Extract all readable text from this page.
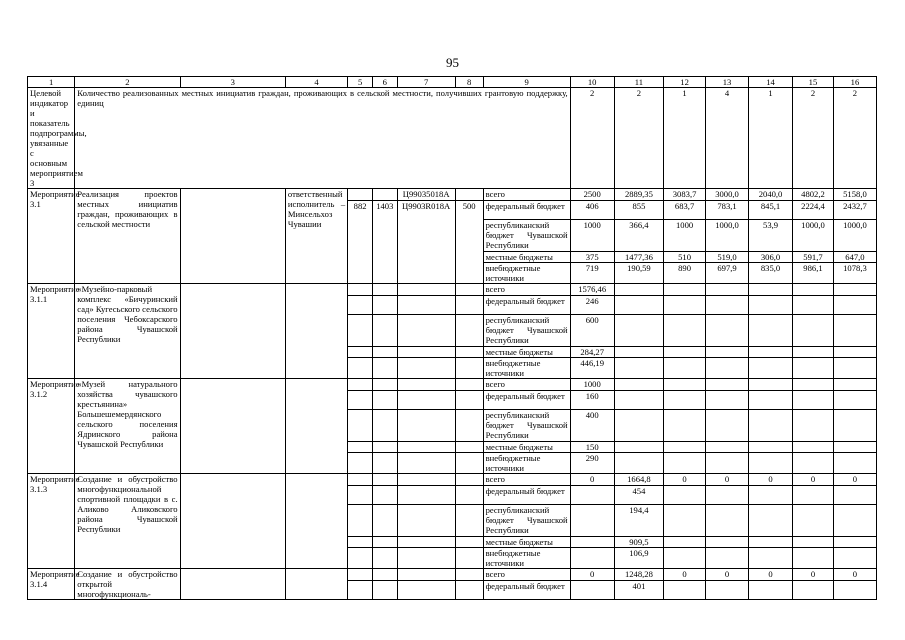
95
1	2	3	4	5	6	7	8	9	10	11	12	13	14	15	16
Целевой индикатор и показатель подпрограммы, увязанные с основным мероприятием 3	Количество реализованных местных инициатив граждан, проживающих в сельской местности, получивших грантовую поддержку, единиц								2	2	1	4	1	2	2
Мероприятие 3.1	Реализация проектов местных инициатив граждан, проживающих в сельской местности		ответственный исполнитель – Минсельхоз Чувашии			Ц99035018А		всего	2500	2889,35	3083,7	3000,0	2040,0	4802,2	5158,0
				882	1403	Ц9903R018А	500	федеральный бюджет	406	855	683,7	783,1	845,1	2224,4	2432,7
								республиканский бюджет Чувашской Республики	1000	366,4	1000	1000,0	53,9	1000,0	1000,0
								местные бюджеты	375	1477,36	510	519,0	306,0	591,7	647,0
								внебюджетные источники	719	190,59	890	697,9	835,0	986,1	1078,3
Мероприятие 3.1.1	«Музейно-парковый комплекс «Бичуринский сад» Кугесьского сельского поселения Чебоксарского района Чувашской Республики							всего	1576,46						
								федеральный бюджет	246						
								республиканский бюджет Чувашской Республики	600						
								местные бюджеты	284,27						
								внебюджетные источники	446,19						
Мероприятие 3.1.2	«Музей натурального хозяйства чувашского крестьянина» Большешемердянского сельского поселения Ядринского района Чувашской Республики							всего	1000						
								федеральный бюджет	160						
								республиканский бюджет Чувашской Республики	400						
								местные бюджеты	150						
								внебюджетные источники	290						
Мероприятие 3.1.3	Создание и обустройство многофункциональной спортивной площадки в с. Аликово Аликовского района Чувашской Республики							всего	0	1664,8	0	0	0	0	0
								федеральный бюджет		454					
								республиканский бюджет Чувашской Республики		194,4					
								местные бюджеты		909,5					
								внебюджетные источники		106,9					
Мероприятие 3.1.4	Создание и обустройство открытой многофункциональ-							всего	0	1248,28	0	0	0	0	0
								федеральный бюджет		401					
